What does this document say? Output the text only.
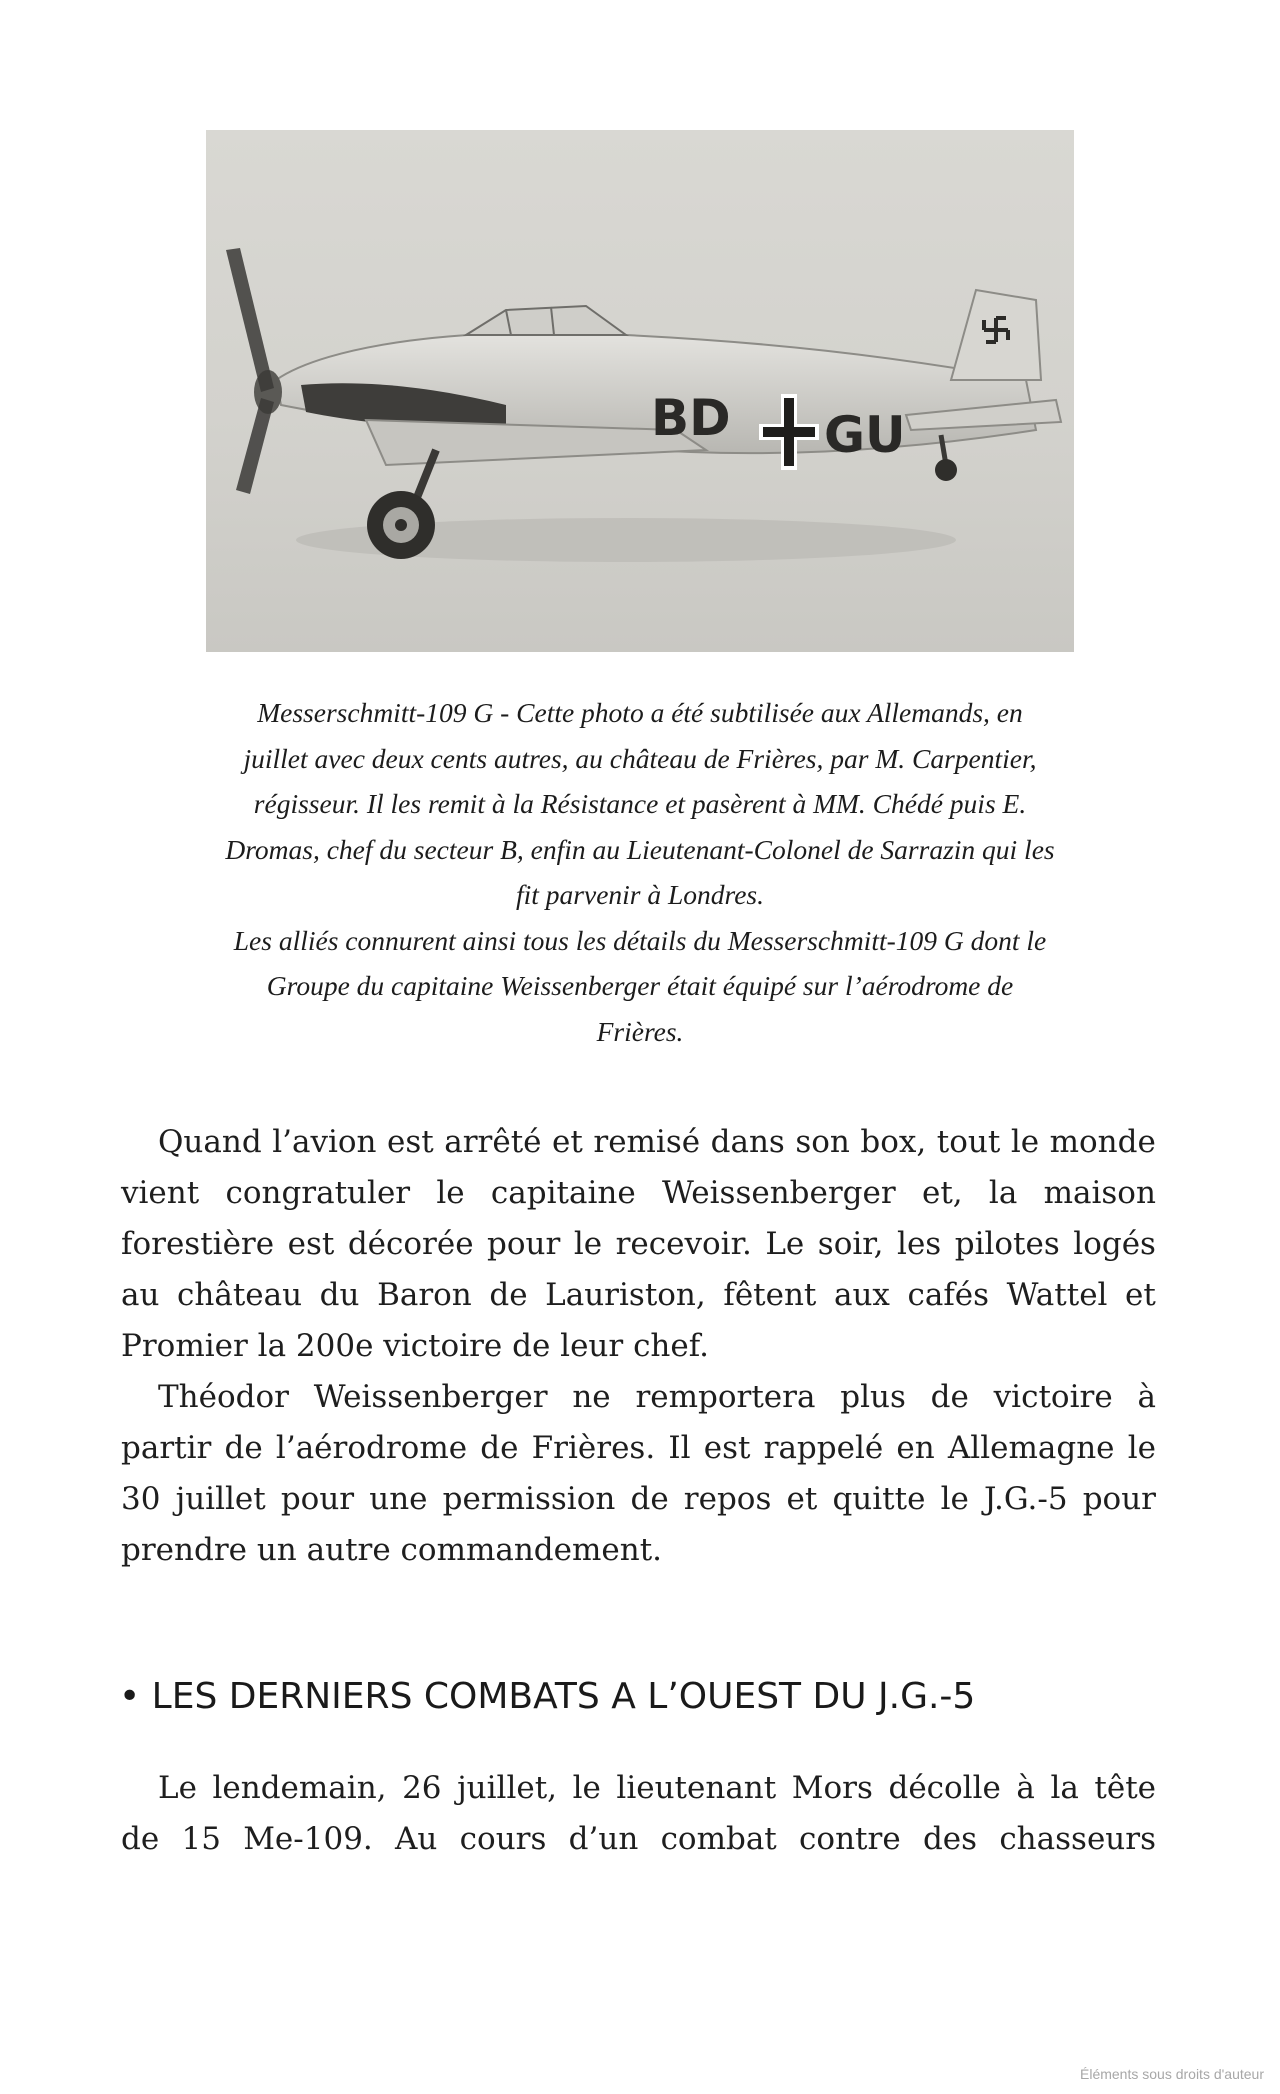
BD GU
Messerschmitt-109 G - Cette photo a été subtilisée aux Allemands, en
juillet avec deux cents autres, au château de Frières, par M. Carpentier,
régisseur. Il les remit à la Résistance et pasèrent à MM. Chédé puis E.
Dromas, chef du secteur B, enfin au Lieutenant-Colonel de Sarrazin qui les
fit parvenir à Londres.
Les alliés connurent ainsi tous les détails du Messerschmitt-109 G dont le
Groupe du capitaine Weissenberger était équipé sur l’aérodrome de
Frières.
Quand l’avion est arrêté et remisé dans son box, tout le monde
vient congratuler le capitaine Weissenberger et, la maison
forestière est décorée pour le recevoir. Le soir, les pilotes logés
au château du Baron de Lauriston, fêtent aux cafés Wattel et
Promier la 200e victoire de leur chef.
Théodor Weissenberger ne remportera plus de victoire à
partir de l’aérodrome de Frières. Il est rappelé en Allemagne le
30 juillet pour une permission de repos et quitte le J.G.-5 pour
prendre un autre commandement.
• LES DERNIERS COMBATS A L’OUEST DU J.G.-5
Le lendemain, 26 juillet, le lieutenant Mors décolle à la tête
de 15 Me-109. Au cours d’un combat contre des chasseurs
Éléments sous droits d'auteur
